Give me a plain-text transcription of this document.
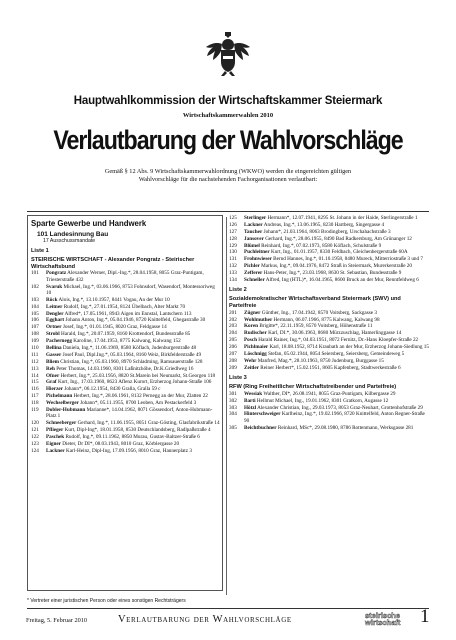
Hauptwahlkommission der Wirtschaftskammer Steiermark
Wirtschaftskammerwahlen 2010
Verlautbarung der Wahlvorschläge
Gemäß § 12 Abs. 9 Wirtschaftskammerwahlordnung (WKWO) werden die eingereichten gültigen Wahlvorschläge für die nachstehenden Fachorganisationen verlautbart:
Sparte Gewerbe und Handwerk
101 Landesinnung Bau
17 Ausschussmandate
Liste 1
STEIRISCHE WIRTSCHAFT - Alexander Pongratz - Steirischer Wirtschaftsbund
101	Pongratz Alexander Werner, Dipl.-Ing.*, 28.04.1958, 8055 Graz-Puntigam, Triesterstraße 432
102	Svaruk Michael, Ing.*, 03.06.1966, 8753 Fohnsdorf, Wasendorf, Montessoriweg 10
103	Röck Alois, Ing.*, 13.10.1957, 8441 Vogau, An der Mur 10
104	Leitner Rudolf, Ing.*, 27.01.1954, 8124 Übelbach, Alter Markt 70
105	Dengler Alfred*, 17.05.1961, 8943 Aigen im Ennstal, Lantschern 113
106	Egghart Johann Anton, Ing.*, 05.04.1946, 8720 Knittelfeld, Ghegastraße 30
107	Ortner Josef, Ing.*, 01.01.1945, 8020 Graz, Feldgasse 14
108	Strobl Harald, Ing.*, 20.07.1959, 8160 Krottendorf, Bundesstraße 85
109	Pachernegg Karoline, 17.04.1953, 8775 Kalwang, Kalwang 152
110	Bellina Daniela, Ing.*, 11.06.1969, 8580 Köflach, Judenburgerstraße 48
111	Gasser Josef Paul, Dipl.Ing.*, 05.03.1964, 8160 Weiz, Birkfelderstraße 49
112	Bliem Christian, Ing.*, 05.03.1960, 8970 Schladming, Ramsauerstraße 128
113	Reh Peter Thomas, 14.03.1960, 8301 Laßnitzhöhe, Dr.K.Griedlweg 16
114	Ofner Herbert, Ing.*, 25.03.1956, 8820 St.Marein bei Neumarkt, St.Georgen 118
115	Graf Kurt, Ing., 17.03.1960, 8623 Aflenz Kurort, Erzherzog Johann-Straße 106
116	Hierzer Johann*, 06.12.1954, 8430 Gralla, Gralla 59 c
117	Pichelmann Herbert, Ing.*, 28.06.1961, 8132 Pernegg an der Mur, Zlatten 22
118	Wechselberger Johann*, 05.11.1955, 8700 Leoben, Am Pestackerfeld 3
119	Dobler-Hubmann Marianne*, 14.04.1962, 8071 Gössendorf, Anton-Hubmann-Platz 1
120	Schneeberger Gerhard, Ing.*, 11.06.1955, 8051 Graz-Gösting, Glasfabrikstraße 14
121	Pflieger Kurt, Dipl-Ing*, 18.01.1958, 8530 Deutschlandsberg, Radlpaßstraße 4
122	Paschek Rudolf, Ing.*, 09.11.1962, 8850 Murau, Gustav-Baltzer-Straße 6
123	Eigner Dieter, Dr DI*, 08.03.1943, 8010 Graz, Körblergasse 20
124	Lackner Karl-Heinz, Dipl-Ing, 17.09.1956, 8010 Graz, Hannerplatz 3
125	Sterlinger Hermann*, 12.07.1941, 8295 St. Johann in der Haide, Sterlingerstraße 1
126	Lackner Andreas, Ing.*, 13.06.1965, 8230 Hartberg, Singergasse 4
127	Taucher Johann*, 21.03.1964, 8063 Brodingberg, Urschahachstraße 3
128	Jansover Gerhard, Ing.*, 28.06.1955, 8490 Bad Radkersburg, Am Grünanger 12
129	Blümel Reinhard, Ing.*, 07.02.1973, 8580 Köflach, Schulstraße 9
130	Puchleitner Kurt, Ing., 01.01.1957, 8330 Feldbach, Gleichenbergerstraße 60A
131	Frohnwieser Bernd Hannes, Ing.*, 01.10.1958, 8480 Mureck, Mitterriostraße 3 und 7
132	Pichler Markus, Ing.*, 09.04.1976, 8472 Straß in Steiermark, Murerkerstraße 20
133	Zefferer Hans-Peter, Ing.*, 23.03.1968, 8630 St. Sebastian, Bundesstraße 9
134	Schneller Alfred, Ing (HTL)*, 16.04.1965, 8600 Bruck an der Mur, Renntfeldweg 6
Liste 2
Sozialdemokratischer Wirtschaftsverband Steiermark (SWV) und Parteifreie
201	Zügner Günther, Ing., 17.04.1942, 8570 Voitsberg, Sackgasse 3
202	Wohlmuther Hermann, 06.07.1966, 8775 Kalwang, Kalwang 98
203	Koren Brigitte*, 22.11.1959, 8570 Voitsberg, Höhenstraße 11
204	Rudischer Karl, DI.*, 30.06.1963, 8680 Mürzzuschlag, Hamerlinggasse 14
205	Posch Harald Rainer, Ing.*, 04.03.1951, 8072 Fernitz, Dr.-Hans Kloepfer-Straße 22
206	Pichlmaier Karl, 18.08.1952, 8714 Kraubath an der Mur, Erzherzog Johann-Siedlung 15
207	Löschnigg Stefan, 05.02.1944, 8054 Seiersberg, Seiersberg, Gemeindeweg 5
208	Wehr Manfred, Mag.*, 28.10.1963, 8750 Judenburg, Burggasse 15
209	Zeitler Reiner Herbert*, 15.02.1951, 8605 Kapfenberg, Stadtwerkestraße 6
Liste 3
RFW (Ring Freiheitlicher Wirtschaftstreibender und Parteifreie)
301	Wessiak Walther, DI*, 26.08.1941, 8055 Graz-Puntigam, Kilbergasse 29
302	Barti Hellmut Michael, Ing., 19.01.1962, 8301 Gratkorn, Augasse 12
303	Hötzl Alexander Christian, Ing., 29.03.1973, 8053 Graz-Neuhart, Grottenhofstraße 29
304	Hinterschweiger Karlheinz, Ing.*, 19.02.1966, 8720 Knittelfeld, Anton Regner-Straße 90
305	Beichtbuchner Reinhard, MSc*, 29.08.1980, 8786 Rottenmann, Werksgasse 281
* Vertreter einer juristischen Person oder eines sonstigen Rechtsträgers
Freitag, 5. Februar 2010	Verlautbarung der Wahlvorschläge	steirische
wirtschaft 1
